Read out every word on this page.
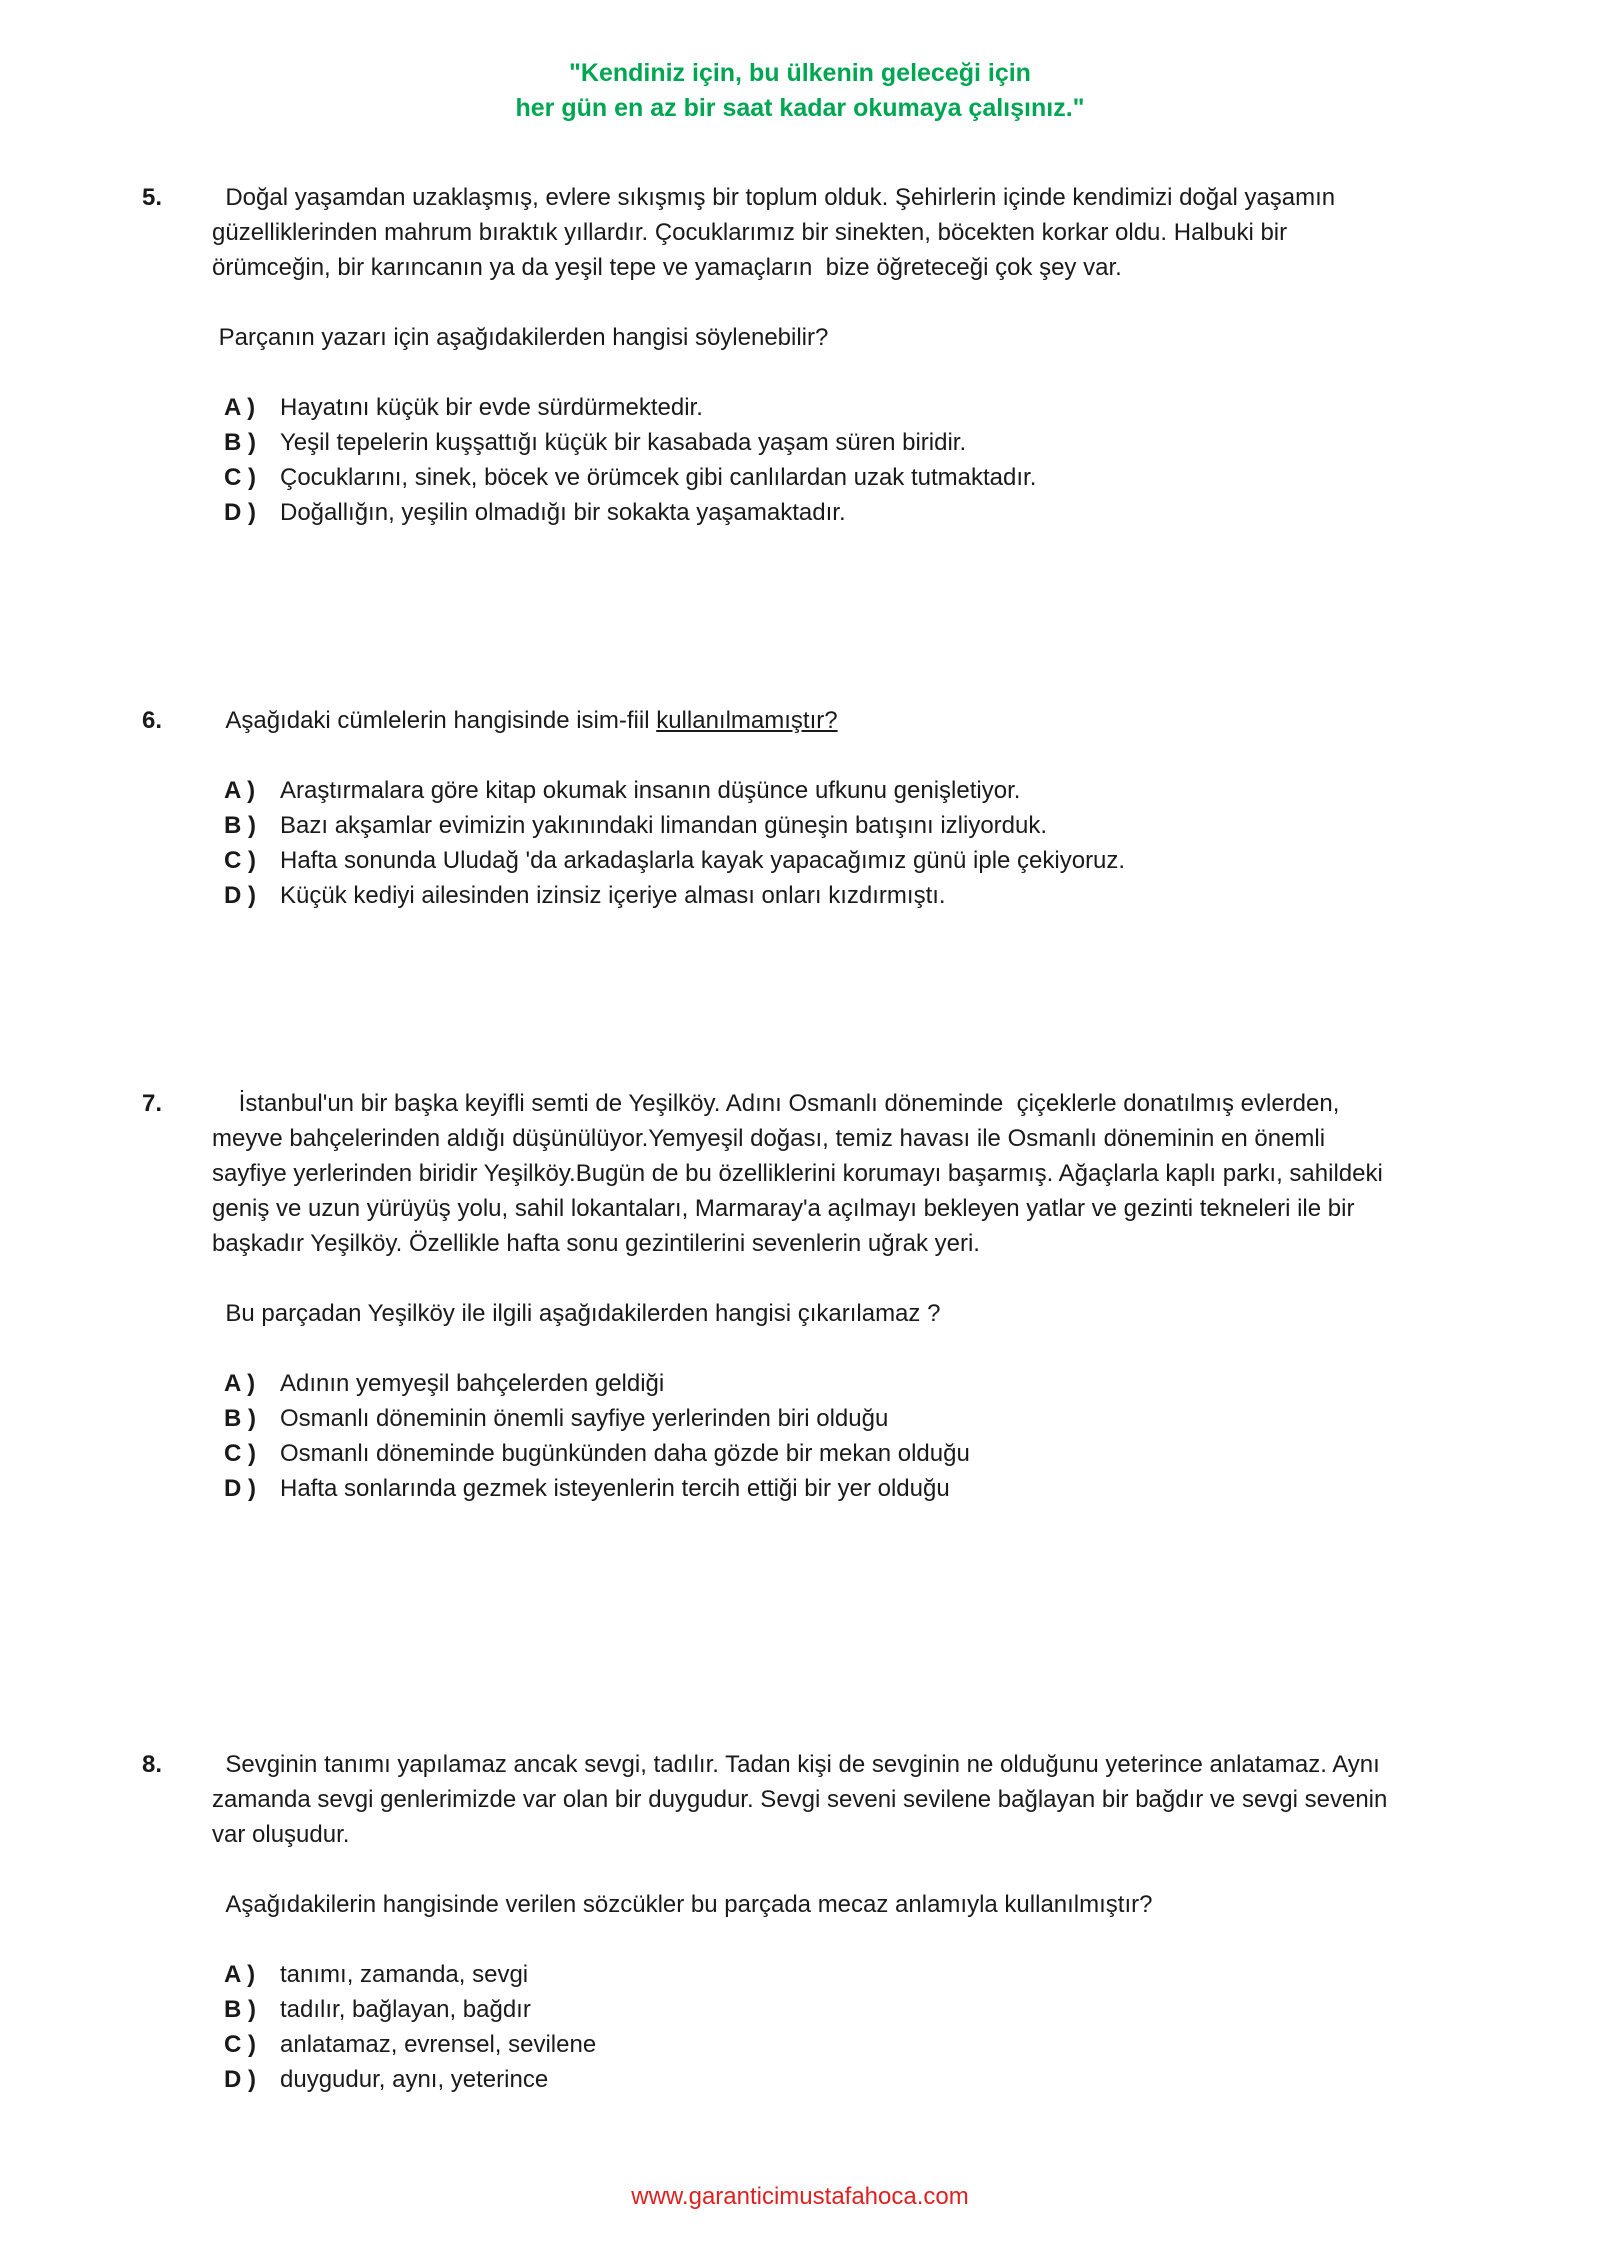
"Kendiniz için, bu ülkenin geleceği için
her gün en az bir saat kadar okumaya çalışınız."
5. Doğal yaşamdan uzaklaşmış, evlere sıkışmış bir toplum olduk. Şehirlerin içinde kendimizi doğal yaşamın güzelliklerinden mahrum bıraktık yıllardır. Çocuklarımız bir sinekten, böcekten korkar oldu. Halbuki bir örümceğin, bir karıncanın ya da yeşil tepe ve yamaçların  bize öğreteceği çok şey var.
Parçanın yazarı için aşağıdakilerden hangisi söylenebilir?
A )	Hayatını küçük bir evde sürdürmektedir.
B )	Yeşil tepelerin kuşşattığı küçük bir kasabada yaşam süren biridir.
C )	Çocuklarını, sinek, böcek ve örümcek gibi canlılardan uzak tutmaktadır.
D )	Doğallığın, yeşilin olmadığı bir sokakta yaşamaktadır.
6. Aşağıdaki cümlelerin hangisinde isim-fiil kullanılmamıştır?
A )	Araştırmalara göre kitap okumak insanın düşünce ufkunu genişletiyor.
B )	Bazı akşamlar evimizin yakınındaki limandan güneşin batışını izliyorduk.
C )	Hafta sonunda Uludağ 'da arkadaşlarla kayak yapacağımız günü iple çekiyoruz.
D )	Küçük kediyi ailesinden izinsiz içeriye alması onları kızdırmıştı.
7. İstanbul'un bir başka keyifli semti de Yeşilköy. Adını Osmanlı döneminde  çiçeklerle donatılmış evlerden, meyve bahçelerinden aldığı düşünülüyor.Yemyeşil doğası, temiz havası ile Osmanlı döneminin en önemli sayfiye yerlerinden biridir Yeşilköy.Bugün de bu özelliklerini korumayı başarmış. Ağaçlarla kaplı parkı, sahildeki geniş ve uzun yürüyüş yolu, sahil lokantaları, Marmaray'a açılmayı bekleyen yatlar ve gezinti tekneleri ile bir başkadır Yeşilköy. Özellikle hafta sonu gezintilerini sevenlerin uğrak yeri.
Bu parçadan Yeşilköy ile ilgili aşağıdakilerden hangisi çıkarılamaz ?
A )	Adının yemyeşil bahçelerden geldiği
B )	Osmanlı döneminin önemli sayfiye yerlerinden biri olduğu
C )	Osmanlı döneminde bugünkünden daha gözde bir mekan olduğu
D )	Hafta sonlarında gezmek isteyenlerin tercih ettiği bir yer olduğu
8. Sevginin tanımı yapılamaz ancak sevgi, tadılır. Tadan kişi de sevginin ne olduğunu yeterince anlatamaz. Aynı zamanda sevgi genlerimizde var olan bir duygudur. Sevgi seveni sevilene bağlayan bir bağdır ve sevgi sevenin var oluşudur.
Aşağıdakilerin hangisinde verilen sözcükler bu parçada mecaz anlamıyla kullanılmıştır?
A )	tanımı, zamanda, sevgi
B )	tadılır, bağlayan, bağdır
C )	anlatamaz, evrensel, sevilene
D )	duygudur, aynı, yeterince
www.garanticimustafahoca.com
